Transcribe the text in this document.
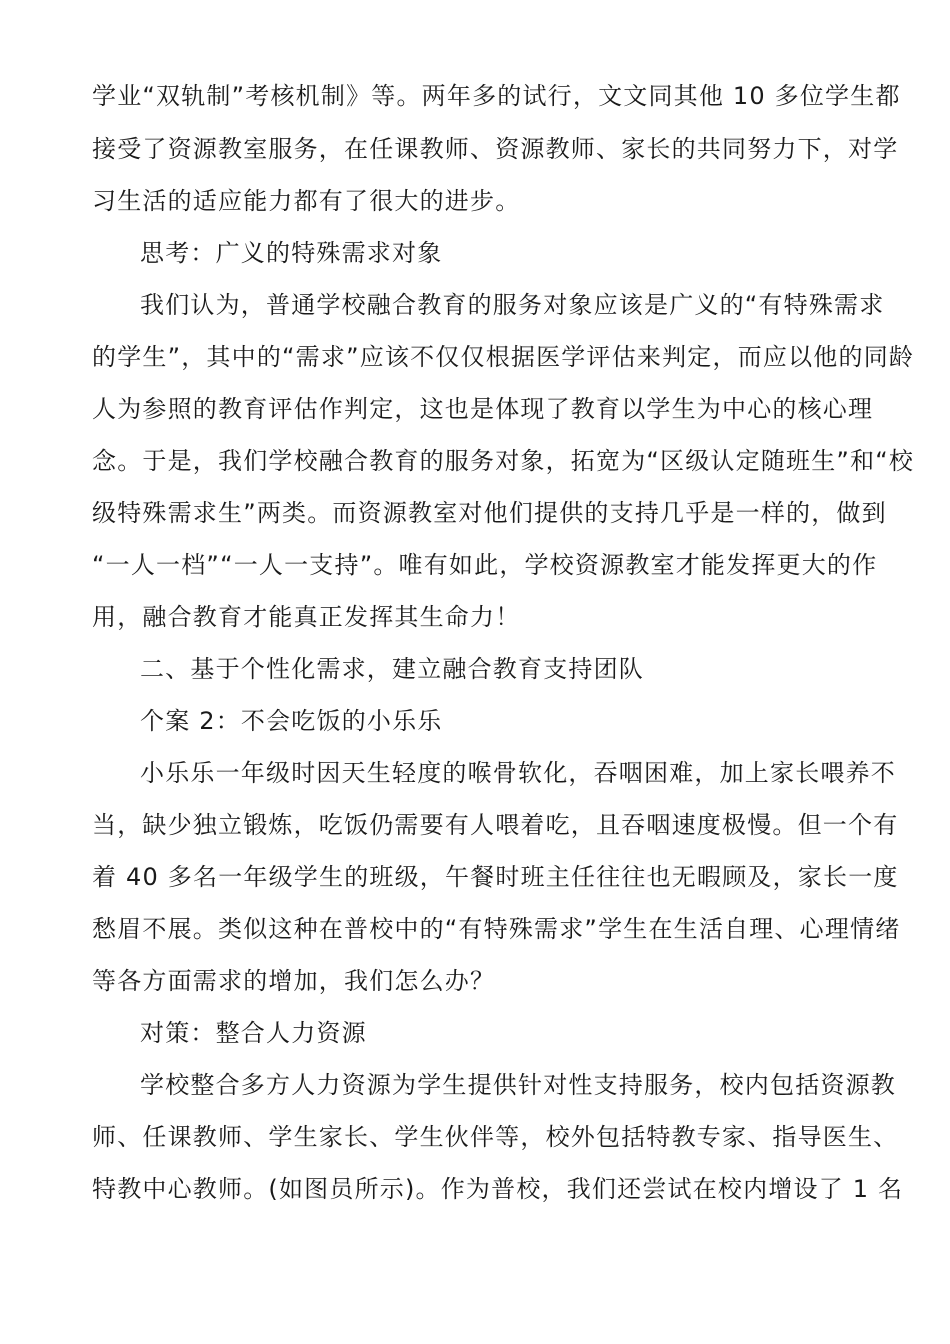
学业“双轨制”考核机制》等。两年多的试行，文文同其他 10 多位学生都
接受了资源教室服务，在任课教师、资源教师、家长的共同努力下，对学
习生活的适应能力都有了很大的进步。
思考：广义的特殊需求对象
我们认为，普通学校融合教育的服务对象应该是广义的“有特殊需求
的学生”，其中的“需求”应该不仅仅根据医学评估来判定，而应以他的同龄
人为参照的教育评估作判定，这也是体现了教育以学生为中心的核心理
念。于是，我们学校融合教育的服务对象，拓宽为“区级认定随班生”和“校
级特殊需求生”两类。而资源教室对他们提供的支持几乎是一样的，做到
“一人一档”“一人一支持”。唯有如此，学校资源教室才能发挥更大的作
用，融合教育才能真正发挥其生命力！
二、基于个性化需求，建立融合教育支持团队
个案 2：不会吃饭的小乐乐
小乐乐一年级时因天生轻度的喉骨软化，吞咽困难，加上家长喂养不
当，缺少独立锻炼，吃饭仍需要有人喂着吃，且吞咽速度极慢。但一个有
着 40 多名一年级学生的班级，午餐时班主任往往也无暇顾及，家长一度
愁眉不展。类似这种在普校中的“有特殊需求”学生在生活自理、心理情绪
等各方面需求的增加，我们怎么办？
对策：整合人力资源
学校整合多方人力资源为学生提供针对性支持服务，校内包括资源教
师、任课教师、学生家长、学生伙伴等，校外包括特教专家、指导医生、
特教中心教师。(如图员所示)。作为普校，我们还尝试在校内增设了 1 名
